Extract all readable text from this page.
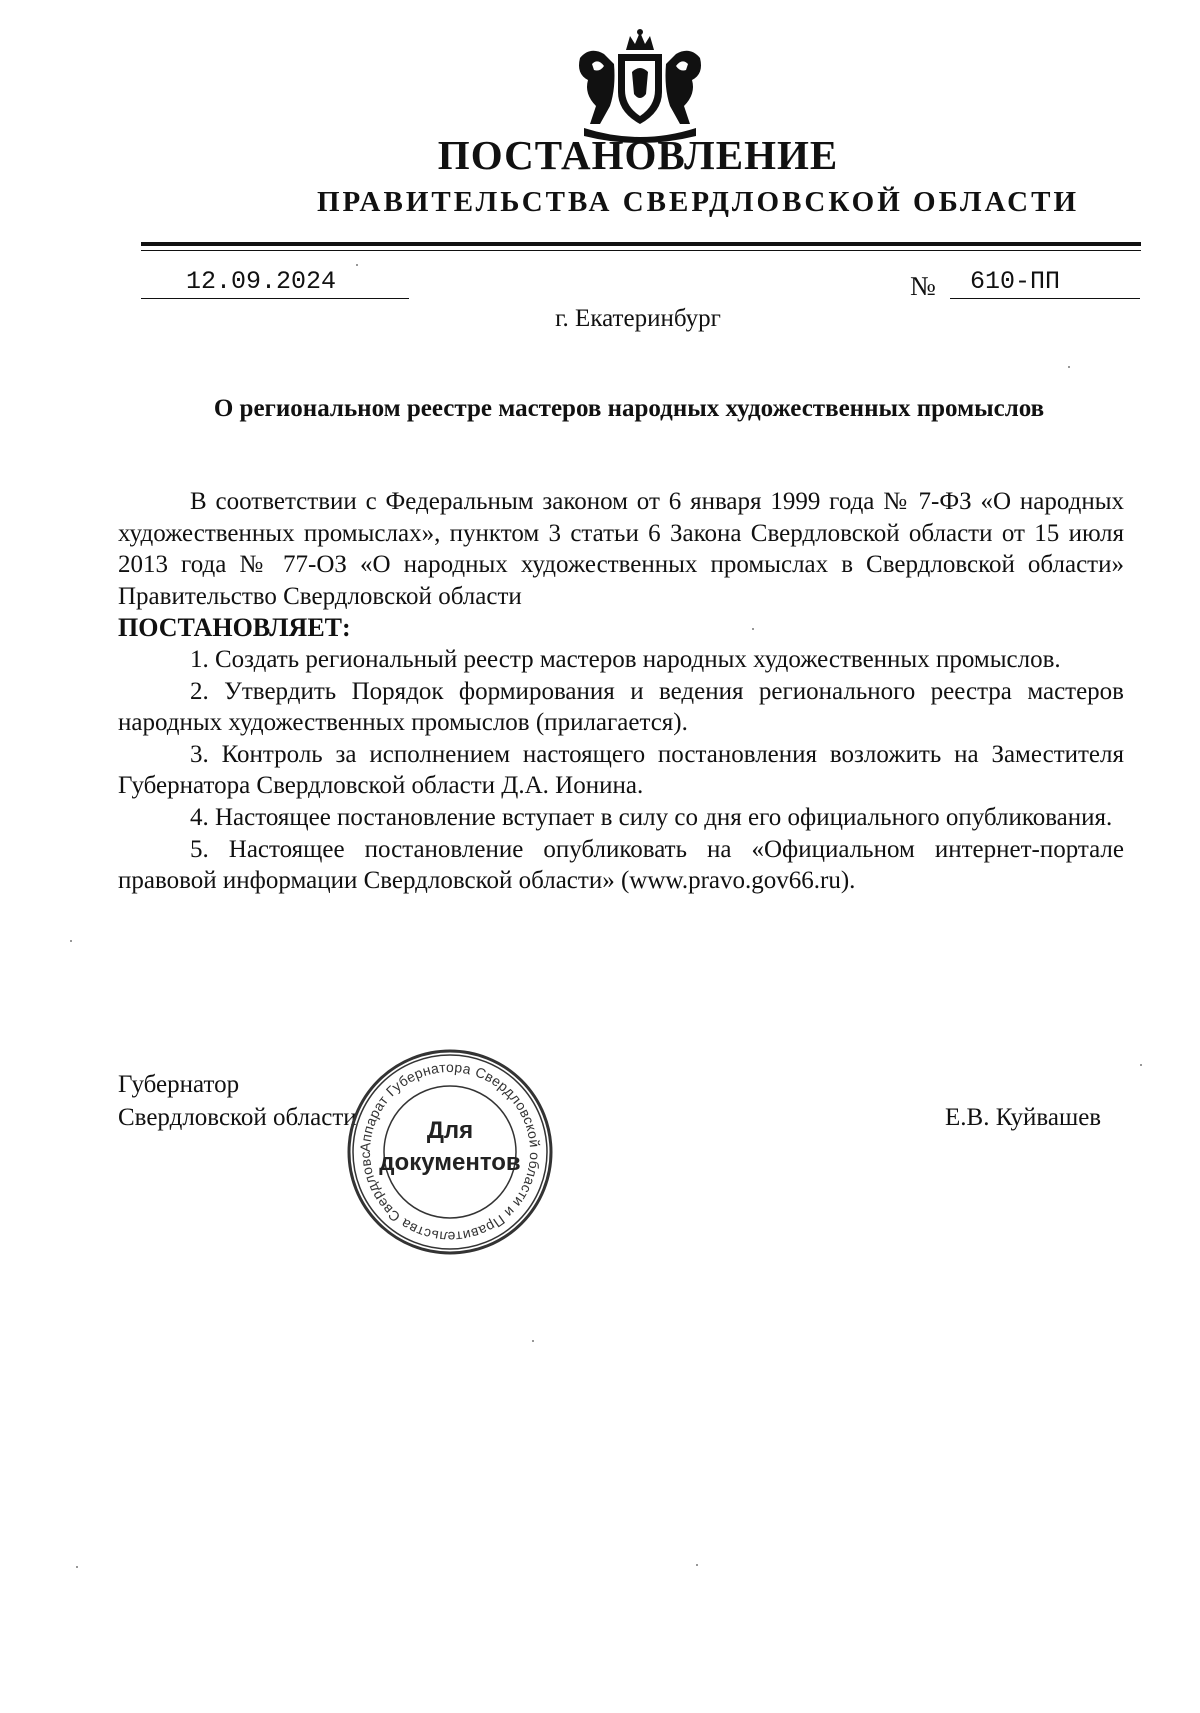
ПОСТАНОВЛЕНИЕ
ПРАВИТЕЛЬСТВА СВЕРДЛОВСКОЙ ОБЛАСТИ
12.09.2024	№ 610-ПП
г. Екатеринбург
О региональном реестре мастеров народных художественных промыслов

В соответствии с Федеральным законом от 6 января 1999 года № 7-ФЗ «О народных художественных промыслах», пунктом 3 статьи 6 Закона Свердловской области от 15 июля 2013 года № 77-ОЗ «О народных художественных промыслах в Свердловской области» Правительство Свердловской области

ПОСТАНОВЛЯЕТ:

1. Создать региональный реестр мастеров народных художественных промыслов.

2. Утвердить Порядок формирования и ведения регионального реестра мастеров народных художественных промыслов (прилагается).

3. Контроль за исполнением настоящего постановления возложить на Заместителя Губернатора Свердловской области Д.А. Ионина.

4. Настоящее постановление вступает в силу со дня его официального опубликования.

5. Настоящее постановление опубликовать на «Официальном интернет-портале правовой информации Свердловской области» (www.pravo.gov66.ru).

Губернатор
Свердловской области	Е.В. Куйвашев
Аппарат Губернатора Свердловской области и Правительства Свердловс
Для
документов
